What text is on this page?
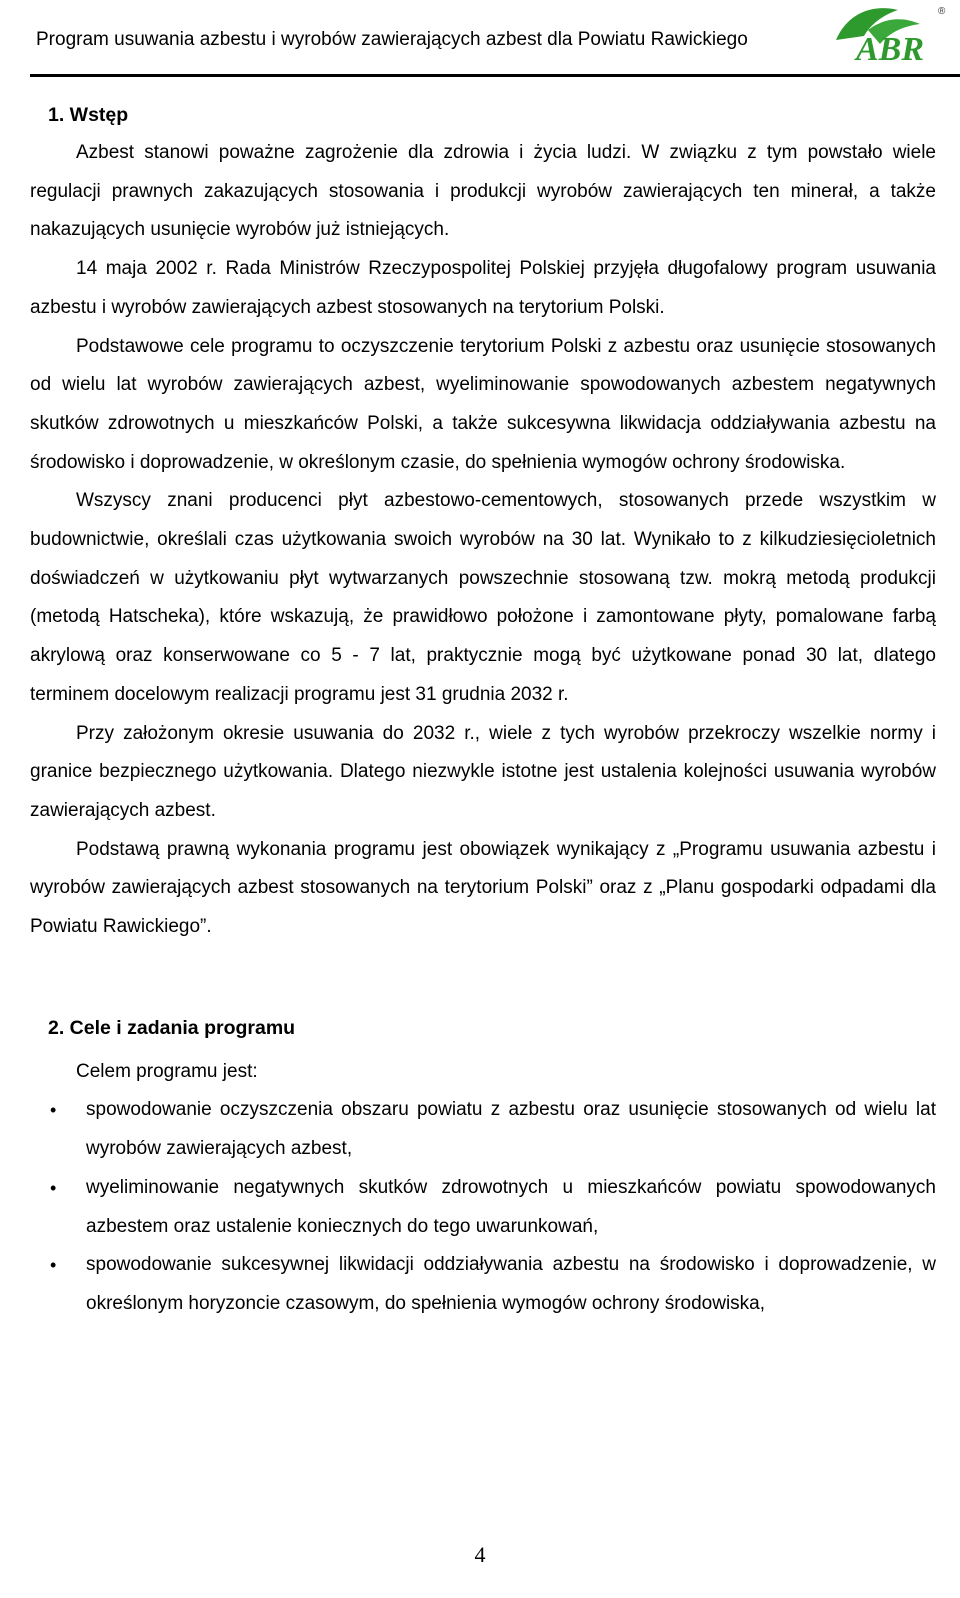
Program usuwania azbestu i wyrobów zawierających azbest dla Powiatu Rawickiego	ABR
®
1. Wstęp

Azbest stanowi poważne zagrożenie dla zdrowia i życia ludzi. W związku z tym powstało wiele regulacji prawnych zakazujących stosowania i produkcji wyrobów zawierających ten minerał, a także nakazujących usunięcie wyrobów już istniejących.

14 maja 2002 r. Rada Ministrów Rzeczypospolitej Polskiej przyjęła długofalowy program usuwania azbestu i wyrobów zawierających azbest stosowanych na terytorium Polski.

Podstawowe cele programu to oczyszczenie terytorium Polski z azbestu oraz usunięcie stosowanych od wielu lat wyrobów zawierających azbest, wyeliminowanie spowodowanych azbestem negatywnych skutków zdrowotnych u mieszkańców Polski, a także sukcesywna likwidacja oddziaływania azbestu na środowisko i doprowadzenie, w określonym czasie, do spełnienia wymogów ochrony środowiska.

Wszyscy znani producenci płyt azbestowo-cementowych, stosowanych przede wszystkim w budownictwie, określali czas użytkowania swoich wyrobów na 30 lat. Wynikało to z kilkudziesięcioletnich doświadczeń w użytkowaniu płyt wytwarzanych powszechnie stosowaną tzw. mokrą metodą produkcji (metodą Hatscheka), które wskazują, że prawidłowo położone i zamontowane płyty, pomalowane farbą akrylową oraz konserwowane co 5 - 7 lat, praktycznie mogą być użytkowane ponad 30 lat, dlatego terminem docelowym realizacji programu jest 31 grudnia 2032 r.

Przy założonym okresie usuwania do 2032 r., wiele z tych wyrobów przekroczy wszelkie normy i granice bezpiecznego użytkowania. Dlatego niezwykle istotne jest ustalenia kolejności usuwania wyrobów zawierających azbest.

Podstawą prawną wykonania programu jest obowiązek wynikający z „Programu usuwania azbestu i wyrobów zawierających azbest stosowanych na terytorium Polski” oraz z „Planu gospodarki odpadami dla Powiatu Rawickiego”.

2. Cele i zadania programu

Celem programu jest:

• spowodowanie oczyszczenia obszaru powiatu z azbestu oraz usunięcie stosowanych od wielu lat wyrobów zawierających azbest,
• wyeliminowanie negatywnych skutków zdrowotnych u mieszkańców powiatu spowodowanych azbestem oraz ustalenie koniecznych do tego uwarunkowań,
• spowodowanie sukcesywnej likwidacji oddziaływania azbestu na środowisko i doprowadzenie, w określonym horyzoncie czasowym, do spełnienia wymogów ochrony środowiska,
4
